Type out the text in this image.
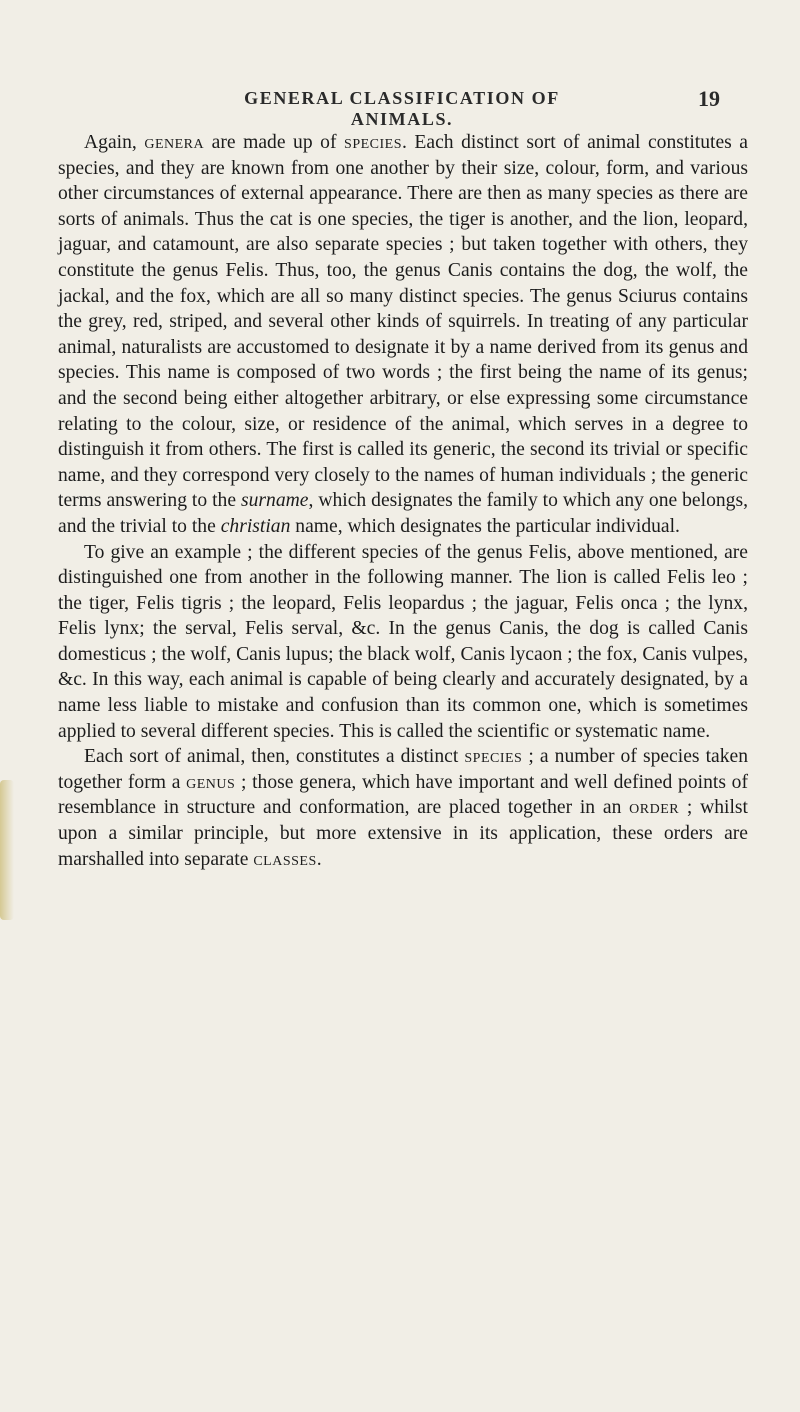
GENERAL CLASSIFICATION OF ANIMALS.
19

Again, genera are made up of species. Each distinct sort of animal constitutes a species, and they are known from one another by their size, colour, form, and various other circumstances of external appearance. There are then as many species as there are sorts of animals. Thus the cat is one species, the tiger is another, and the lion, leopard, jaguar, and catamount, are also separate species ; but taken together with others, they constitute the genus Felis. Thus, too, the genus Canis contains the dog, the wolf, the jackal, and the fox, which are all so many distinct species. The genus Sciurus contains the grey, red, striped, and several other kinds of squirrels. In treating of any particular animal, naturalists are accustomed to designate it by a name derived from its genus and species. This name is composed of two words ; the first being the name of its genus; and the second being either altogether arbitrary, or else expressing some circumstance relating to the colour, size, or residence of the animal, which serves in a degree to distinguish it from others. The first is called its generic, the second its trivial or specific name, and they correspond very closely to the names of human individuals ; the generic terms answering to the surname, which designates the family to which any one belongs, and the trivial to the christian name, which designates the particular individual.

To give an example ; the different species of the genus Felis, above mentioned, are distinguished one from another in the following manner. The lion is called Felis leo ; the tiger, Felis tigris ; the leopard, Felis leopardus ; the jaguar, Felis onca ; the lynx, Felis lynx; the serval, Felis serval, &c. In the genus Canis, the dog is called Canis domesticus ; the wolf, Canis lupus; the black wolf, Canis lycaon ; the fox, Canis vulpes, &c. In this way, each animal is capable of being clearly and accurately designated, by a name less liable to mistake and confusion than its common one, which is sometimes applied to several different species. This is called the scientific or systematic name.

Each sort of animal, then, constitutes a distinct species ; a number of species taken together form a genus ; those genera, which have important and well defined points of resemblance in structure and conformation, are placed together in an order ; whilst upon a similar principle, but more extensive in its application, these orders are marshalled into separate classes.
